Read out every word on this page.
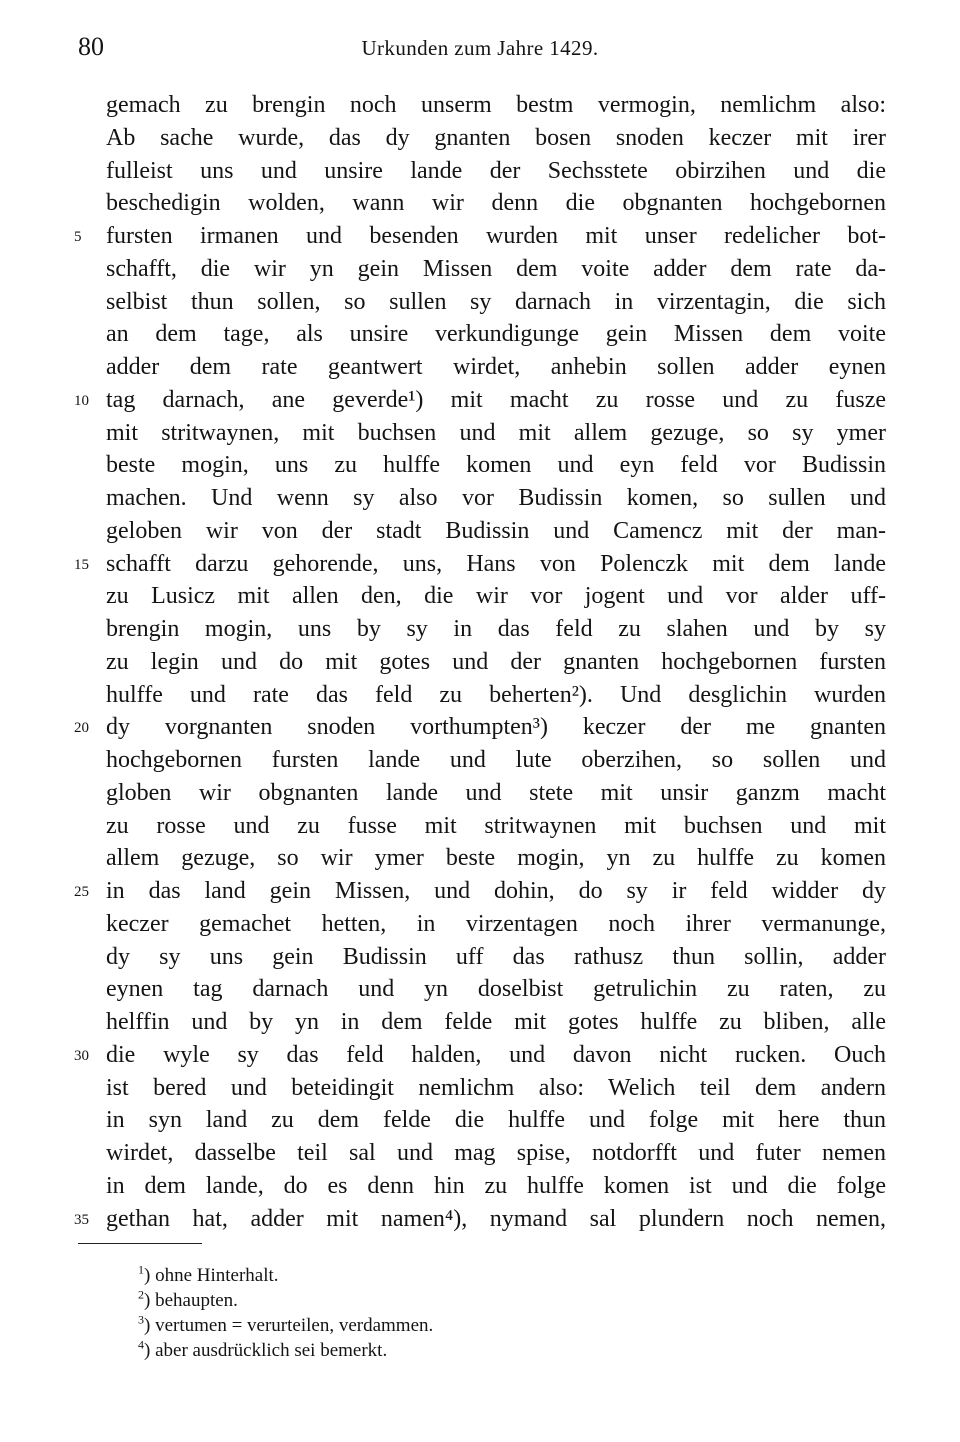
80	Urkunden zum Jahre 1429.
gemach zu brengin noch unserm bestm vermogin, nemlichm also:
Ab sache wurde, das dy gnanten bosen snoden keczer mit irer
fulleist uns und unsire lande der Sechsstete obirzihen und die
beschedigin wolden, wann wir denn die obgnanten hochgebornen
5	fursten irmanen und besenden wurden mit unser redelicher bot-
schafft, die wir yn gein Missen dem voite adder dem rate da-
selbist thun sollen, so sullen sy darnach in virzentagin, die sich
an dem tage, als unsire verkundigunge gein Missen dem voite
adder dem rate geantwert wirdet, anhebin sollen adder eynen
10 tag darnach, ane geverde¹) mit macht zu rosse und zu fusze
mit stritwaynen, mit buchsen und mit allem gezuge, so sy ymer
beste mogin, uns zu hulffe komen und eyn feld vor Budissin
machen. Und wenn sy also vor Budissin komen, so sullen und
geloben wir von der stadt Budissin und Camencz mit der man-
15 schafft darzu gehorende, uns, Hans von Polenczk mit dem lande
zu Lusicz mit allen den, die wir vor jogent und vor alder uff-
brengin mogin, uns by sy in das feld zu slahen und by sy
zu legin und do mit gotes und der gnanten hochgebornen fursten
hulffe und rate das feld zu beherten²). Und desglichin wurden
20 dy vorgnanten snoden vorthumpten³) keczer der me gnanten
hochgebornen fursten lande und lute oberzihen, so sollen und
globen wir obgnanten lande und stete mit unsir ganzm macht
zu rosse und zu fusse mit stritwaynen mit buchsen und mit
allem gezuge, so wir ymer beste mogin, yn zu hulffe zu komen
25 in das land gein Missen, und dohin, do sy ir feld widder dy
keczer gemachet hetten, in virzentagen noch ihrer vermanunge,
dy sy uns gein Budissin uff das rathusz thun sollin, adder
eynen tag darnach und yn doselbist getrulichin zu raten, zu
helffin und by yn in dem felde mit gotes hulffe zu bliben, alle
30 die wyle sy das feld halden, und davon nicht rucken. Ouch
ist bered und beteidingit nemlichm also: Welich teil dem andern
in syn land zu dem felde die hulffe und folge mit here thun
wirdet, dasselbe teil sal und mag spise, notdorfft und futer nemen
in dem lande, do es denn hin zu hulffe komen ist und die folge
35 gethan hat, adder mit namen⁴), nymand sal plundern noch nemen,
$^1$) ohne Hinterhalt.
$^2$) behaupten.
$^3$) vertumen = verurteilen, verdammen.
$^4$) aber ausdrücklich sei bemerkt.
